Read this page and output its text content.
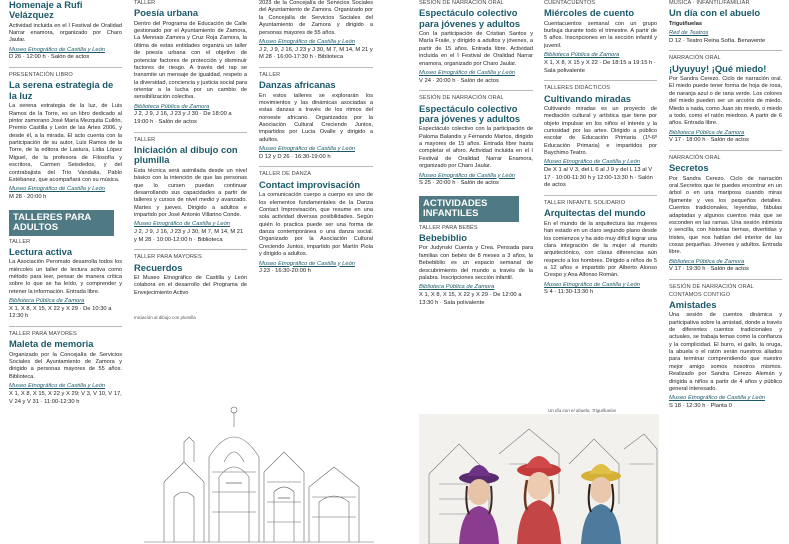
Homenaje a Rufi Velázquez
Actividad incluida en el I Festival de Oralidad Narrar enamora, organizado por Charo Jaular.
Museo Etnográfico de Castilla y León
D 26 · 12:00 h · Salón de actos
PRESENTACIÓN LIBRO
La serena estrategia de la luz
La serena estrategia de la luz, de Luis Ramos de la Torre, es un libro dedicado al pintor zamorano José María Mezquita Cullón, Premio Castilla y León de las Artes 2006, y desde él, a la mirada. El acto cuenta con la participación de su autor, Luis Ramos de la Torre, de la editora de Lastura, Lidia López Miguel, de la profesora de Filosofía y escritora, Carmen Seisdedos, y del contrabajista del Trío Vandalia, Pablo Estébanez, que acompañará con su música.
Museo Etnográfico de Castilla y León
M 28 · 20:00 h
TALLERES PARA ADULTOS
TALLER
Lectura activa
La Asociación Peromato desarrolla todos los miércoles un taller de lectura activa como método para leer, pensar de manera crítica sobre lo que se ha leído, y comprender y retener la información. Entrada libre.
Biblioteca Pública de Zamora
X 1, X 8, X 15, X 22 y X 29 · De 10:30 a 12:30 h
TALLER PARA MAYORES
Maleta de memoria
Organizado por la Concejalía de Servicios Sociales del Ayuntamiento de Zamora y dirigido a personas mayores de 55 años. Biblioteca.
Museo Etnográfico de Castilla y León
X 1, X 8, X 15, X 22 y X 29; V 3, V 10, V 17, V 24 y V 31 · 11:00-12:30 h
TALLER
Poesía urbana
Dentro del Programa de Educación de Calle gestionado por el Ayuntamiento de Zamora, La Mennais Zamora y Cruz Roja Zamora, la última de estas entidades organiza un taller de poesía urbana con el objetivo de potenciar factores de protección y disminuir factores de riesgo. A través del rap se transmite un mensaje de igualdad, respeto a la diversidad, conciencia y justicia social para orientar a la lucha por un cambio de sensibilización colectiva.
Biblioteca Pública de Zamora
J 2, J 9, J 16, J 23 y J 30 · De 18:00 a 19:00 h · Salón de actos
TALLER
Iniciación al dibujo con plumilla
Esta técnica será asimilada desde un nivel básico con la intención de que las personas que lo cursen puedan continuar desarrollando sus capacidades a partir de talleres y cursos de nivel medio y avanzado. Martes y jueves. Dirigido a adultos e impartido por José Antonio Villarino Conde.
Museo Etnográfico de Castilla y León
J 2, J 9, J 16, J 23 y J 30, M 7, M 14, M 21 y M 28 · 10:00-12:00 h · Biblioteca
TALLER PARA MAYORES
Recuerdos
El Museo Etnográfico de Castilla y León colabora en el desarrollo del Programa de Envejecimiento Activo
Iniciación al dibujo con plumilla
2023 de la Concejalía de Servicios Sociales del Ayuntamiento de Zamora. Organizado por la Concejalía de Servicios Sociales del Ayuntamiento de Zamora y dirigido a personas mayores de 55 años.
Museo Etnográfico de Castilla y León
J 2, J 9, J 16, J 23 y J 30, M 7, M 14, M 21 y M 28 · 16:00-17:30 h · Biblioteca
TALLER
Danzas africanas
En estos talleres se explorarán los movimientos y las dinámicas asociadas a estas danzas a través de los ritmos del noroeste africano. Organizados por la Asociación Cultural Creciendo Juntos, impartidos por Lucia Ovalle y dirigido a adultos.
Museo Etnográfico de Castilla y León
D 12 y D 26 · 16:30-19:00 h
TALLER DE DANZA
Contact improvisación
La comunicación cuerpo a cuerpo es uno de los elementos fundamentales de la Danza Contact Improvisación, que resume en una sola actividad diversas posibilidades. Según quién lo practica puede ser una forma de danza contemporánea o una danza social. Organizado por la Asociación Cultural Creciendo Juntos, impartido por Martín Piola y dirigido a adultos.
Museo Etnográfico de Castilla y León
J 23 · 16:30-20:00 h
SESIÓN DE NARRACIÓN ORAL
Espectáculo colectivo para jóvenes y adultos
Con la participación de Cristian Santos y María Fraile, y dirigido a adultos y jóvenes, a partir de 15 años. Entrada libre. Actividad incluida en el I Festival de Oralidad Narrar enamora, organizado por Charo Jaular.
Museo Etnográfico de Castilla y León
V 24 · 20:00 h · Salón de actos
SESIÓN DE NARRACIÓN ORAL
Espectáculo colectivo para jóvenes y adultos
Espectáculo colectivo con la participación de Paloma Balandis y Fernando Martos, dirigido a mayores de 15 años. Entrada libre hasta completar el aforo. Actividad incluida en el I Festival de Oralidad Narrar Enamora, organizado por Charo Jaular.
Museo Etnográfico de Castilla y León
S 25 · 20:00 h · Salón de actos
ACTIVIDADES INFANTILES
TALLER PARA BEBÉS
Bebebiblio
Por Judynski Cuenta y Crea. Pensada para familias con bebés de 8 meses a 3 años, la Bebebiblio es un espacio semanal de descubrimiento del mundo a través de la palabra. Inscripciones sección infantil.
Biblioteca Pública de Zamora
X 1, X 8, X 15, X 22 y X 29 · De 12:00 a 13:30 h · Sala polivalente
CUENTACUENTOS
Miércoles de cuento
Cuentacuentos semanal con un grupo burbuja durante todo el trimestre. A partir de 5 años. Inscripciones en la sección infantil y juvenil.
Biblioteca Pública de Zamora
X 1, X 8, X 15 y X 22 · De 18:15 a 19:15 h · Sala polivalente
TALLERES DIDÁCTICOS
Cultivando miradas
Cultivando miradas es un proyecto de mediación cultural y artística que tiene por objeto impulsar en los niños el interés y la curiosidad por las artes. Dirigido a público escolar de Educación Primaria (1º-6º Educación Primaria) e impartidos por Baychimo Teatro.
Museo Etnográfico de Castilla y León
De X 1 al V 3, del L 6 al J 9 y del L 13 al V 17 · 10:00-11:30 h y 12:00-13:30 h · Salón de actos
TALLER INFANTIL SOLIDARIO
Arquitectas del mundo
En el mundo de la arquitectura las mujeres han estado en un claro segundo plano desde los comienzos y ha sido muy difícil lograr una clara integración de la mujer al mundo arquitectónico, con claras diferencias aún respecto a los hombres. Dirigido a niños de 5 a 12 años e impartido por Alberto Alonso Crespo y Ana Alfonso Román.
Museo Etnográfico de Castilla y León
S 4 · 11:30-13:30 h
Un día con el abuelo, Triguiñuelas
MÚSICA · INFANTIL/FAMILIAR
Un día con el abuelo
Triguiñuelas
Red de Teatros
D 12 · Teatro Reina Sofía. Benavente
NARRACIÓN ORAL
¡Uyuyuy! ¡Qué miedo!
Por Sandra Cerezo. Ciclo de narración oral. El miedo puede tener forma de hoja de rosa, de naranja azul o de rana verde. Los colores del miedo pueden ser un arcoíris de miedo. Miedo a nada, como Juan sin miedo, o miedo a todo, como el ratón miedoso. A partir de 6 años. Entrada libre.
Biblioteca Pública de Zamora
V 17 · 18:00 h · Salón de actos
NARRACIÓN ORAL
Secretos
Por Sandra Cerezo. Ciclo de narración oral.Secretos que te puedes encontrar en un árbol o en una mariposa cuando miras fijamente y ves los pequeños detalles. Cuentos tradicionales, leyendas, fábulas adaptadas y algunos cuentos más que se esconden en las ramas. Una sesión intimista y sencilla, con historias tiernas, divertidas y tristes, que nos hablan del interior de las cosas pequeñas. Jóvenes y adultos. Entrada libre.
Biblioteca Pública de Zamora
V 17 · 19:30 h · Salón de actos
SESIÓN DE NARRACIÓN ORAL CONTAMOS CONTIGO
Amistades
Una sesión de cuentos dinámica y participativa sobre la amistad, donde a través de diferentes cuentos tradicionales y actuales, se trabaja temas como la confianza y la complicidad. El burro, el gallo, la oruga, la abuela o el ratón serán nuestros aliados para terminar comprendiendo que nuestro mejor amigo somos nosotros mismos. Realizado por Sandra Cerezo Alemán y dirigida a niños a partir de 4 años y público general interesado.
Museo Etnográfico de Castilla y León
S 18 · 12:30 h · Planta 0
